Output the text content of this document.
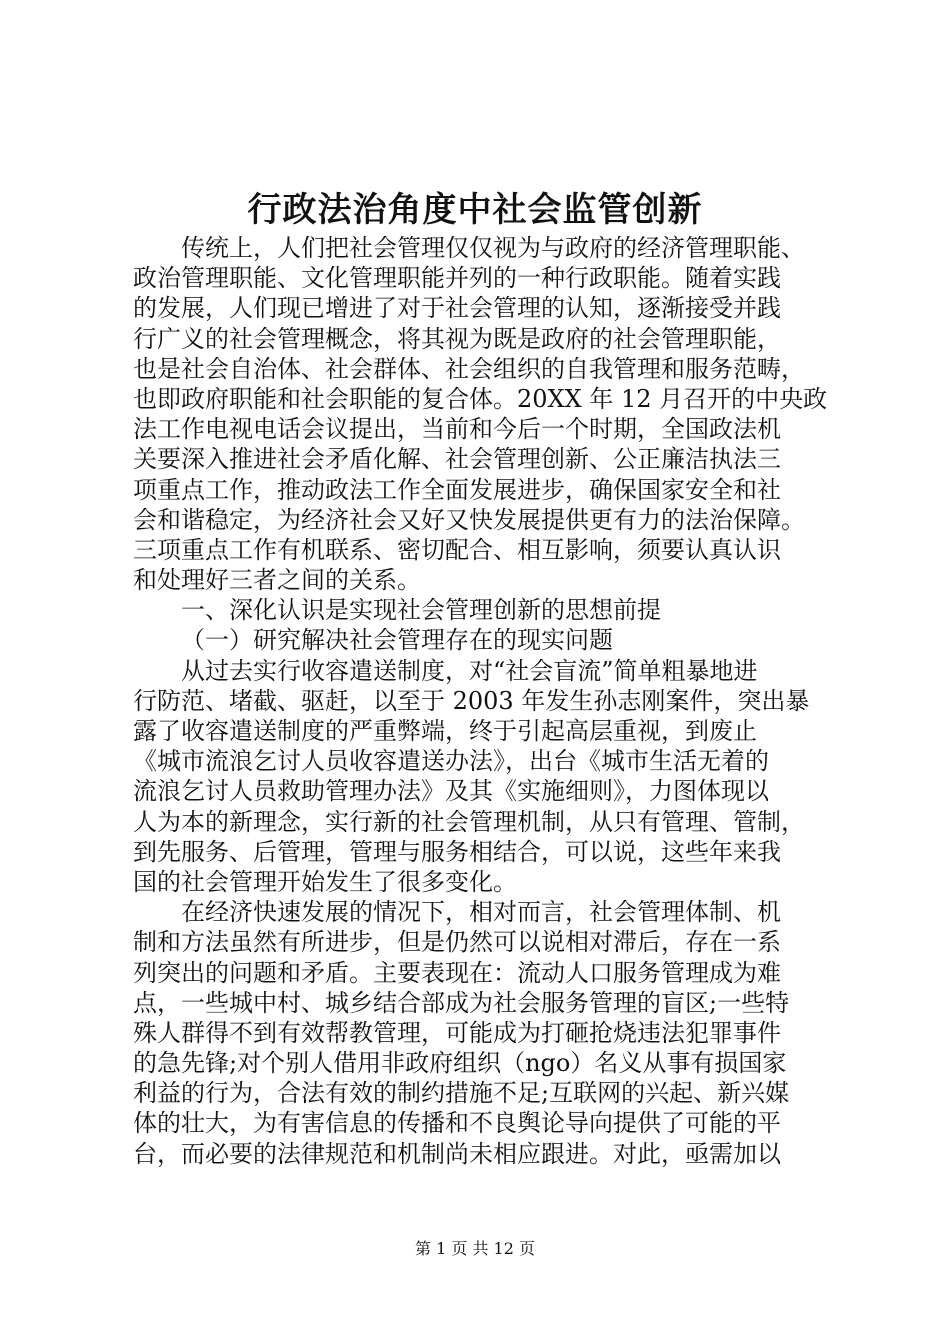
行政法治角度中社会监管创新
传统上，人们把社会管理仅仅视为与政府的经济管理职能、
政治管理职能、文化管理职能并列的一种行政职能。随着实践
的发展，人们现已增进了对于社会管理的认知，逐渐接受并践
行广义的社会管理概念，将其视为既是政府的社会管理职能，
也是社会自治体、社会群体、社会组织的自我管理和服务范畴，
也即政府职能和社会职能的复合体。20XX 年 12 月召开的中央政
法工作电视电话会议提出，当前和今后一个时期，全国政法机
关要深入推进社会矛盾化解、社会管理创新、公正廉洁执法三
项重点工作，推动政法工作全面发展进步，确保国家安全和社
会和谐稳定，为经济社会又好又快发展提供更有力的法治保障。
三项重点工作有机联系、密切配合、相互影响，须要认真认识
和处理好三者之间的关系。
一、深化认识是实现社会管理创新的思想前提
（一）研究解决社会管理存在的现实问题
从过去实行收容遣送制度，对“社会盲流”简单粗暴地进
行防范、堵截、驱赶，以至于 2003 年发生孙志刚案件，突出暴
露了收容遣送制度的严重弊端，终于引起高层重视，到废止
《城市流浪乞讨人员收容遣送办法》，出台《城市生活无着的
流浪乞讨人员救助管理办法》及其《实施细则》，力图体现以
人为本的新理念，实行新的社会管理机制，从只有管理、管制，
到先服务、后管理，管理与服务相结合，可以说，这些年来我
国的社会管理开始发生了很多变化。
在经济快速发展的情况下，相对而言，社会管理体制、机
制和方法虽然有所进步，但是仍然可以说相对滞后，存在一系
列突出的问题和矛盾。主要表现在：流动人口服务管理成为难
点，一些城中村、城乡结合部成为社会服务管理的盲区;一些特
殊人群得不到有效帮教管理，可能成为打砸抢烧违法犯罪事件
的急先锋;对个别人借用非政府组织（ngo）名义从事有损国家
利益的行为，合法有效的制约措施不足;互联网的兴起、新兴媒
体的壮大，为有害信息的传播和不良舆论导向提供了可能的平
台，而必要的法律规范和机制尚未相应跟进。对此，亟需加以
第 1 页 共 12 页
